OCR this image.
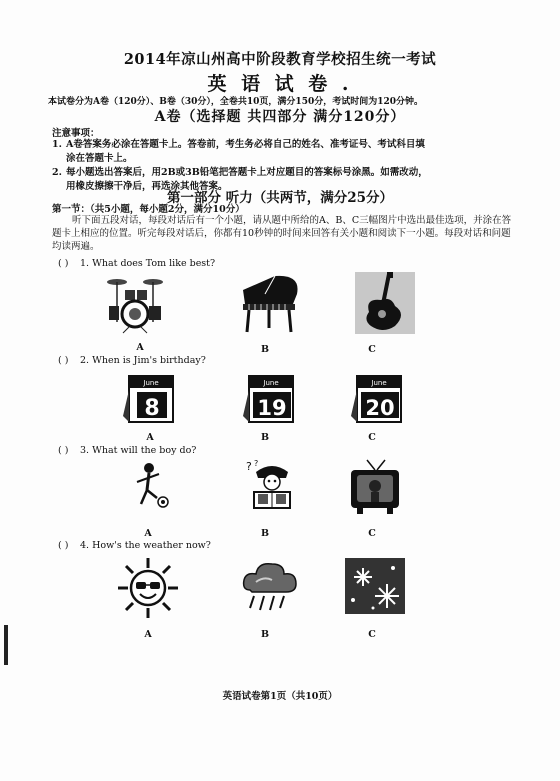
2014年凉山州高中阶段教育学校招生统一考试
英 语 试 卷 .
本试卷分为A卷（120分）、B卷（30分），全卷共10页，满分150分，考试时间为120分钟。
A卷（选择题 共四部分 满分120分）
注意事项：
1. A卷答案务必涂在答题卡上。答卷前，考生务必将自己的姓名、准考证号、考试科目填
涂在答题卡上。
2. 每小题选出答案后，用2B或3B铅笔把答题卡上对应题目的答案标号涂黑。如需改动，
用橡皮擦擦干净后，再选涂其他答案。
第一部分 听力（共两节，满分25分）
第一节：（共5小题，每小题2分，满分10分）
听下面五段对话，每段对话后有一个小题，请从题中所给的A、B、C三幅图片中选出最佳选项，并涂在答题卡上相应的位置。听完每段对话后，你都有10秒钟的时间来回答有关小题和阅读下一小题。每段对话和问题均读两遍。
( ) 1. What does Tom like best?
A	B	C
( ) 2. When is Jim's birthday?
June
8
June
19
June
20
A	B	C
( ) 3. What will the boy do?
? ?
A	B	C
( ) 4. How's the weather now?
A	B	C
英语试卷第1页（共10页）
